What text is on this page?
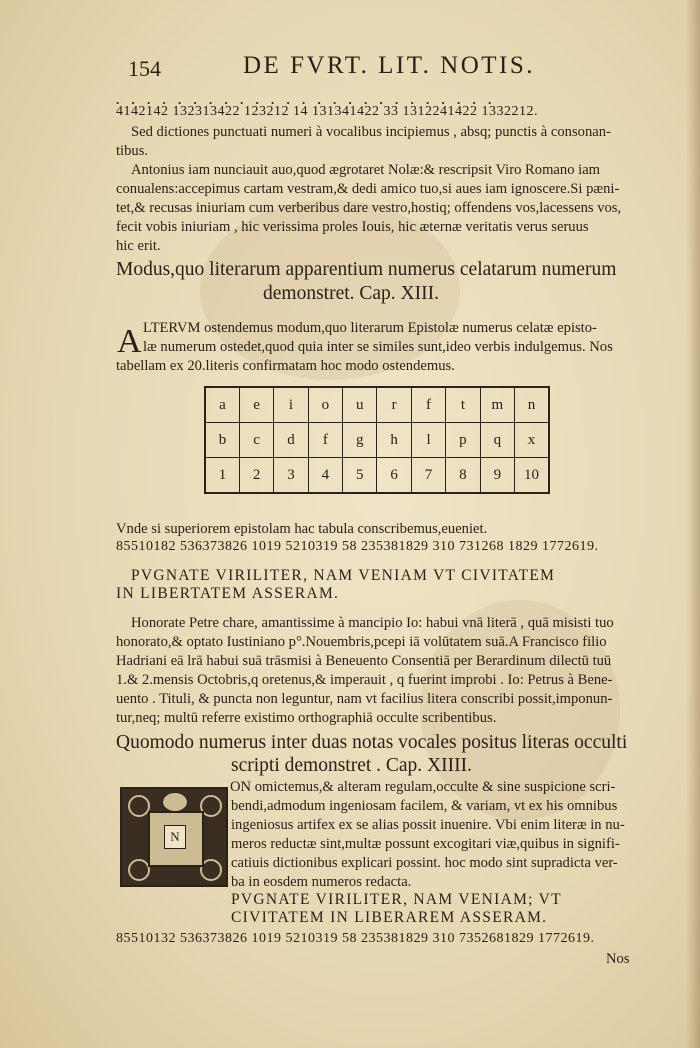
154	DE FVRT. LIT. NOTIS.
. . . . . . . . . . . . . . . . . . . . . . . . .
4142142 132313422 123212 14 131341422 33 1312241422 1332212.
Sed dictiones punctuati numeri à vocalibus incipiemus , absq; punctis à consonan-
tibus.
Antonius iam nunciauit auo,quod ægrotaret Nolæ:& rescripsit Viro Romano iam
conualens:accepimus cartam vestram,& dedi amico tuo,si aues iam ignoscere.Si pæni-
tet,& recusas iniuriam cum verberibus dare vestro,hostiq; offendens vos,lacessens vos,
fecit vobis iniuriam , hic verissima proles Iouis, hic æternæ veritatis verus seruus
hic erit.
Modus,quo literarum apparentium numerus celatarum numerum
demonstret. Cap. XIII.
A LTERVM ostendemus modum,quo literarum Epistolæ numerus celatæ episto-
læ numerum ostedet,quod quia inter se similes sunt,ideo verbis indulgemus. Nos
tabellam ex 20.literis confirmatam hoc modo ostendemus.
a	e	i	o	u	r	f	t	m	n
b	c	d	f	g	h	l	p	q	x
1	2	3	4	5	6	7	8	9	10
Vnde si superiorem epistolam hac tabula conscribemus,eueniet.
85510182 536373826 1019 5210319 58 235381829 310 731268 1829 1772619.
PVGNATE VIRILITER, NAM VENIAM VT CIVITATEM
IN LIBERTATEM ASSERAM.
Honorate Petre chare, amantissime à mancipio Io: habui vnā literā , quā misisti tuo
honorato,& optato Iustiniano p°.Nouembris,pcepi iā volūtatem suā.A Francisco filio
Hadriani eā lrā habui suā trāsmisi à Beneuento Consentiā per Berardinum dilectū tuū
1.& 2.mensis Octobris,q oretenus,& imperauit , q fuerint improbi . Io: Petrus à Bene-
uento . Tituli, & puncta non leguntur, nam vt facilius litera conscribi possit,imponun-
tur,neq; multū referre existimo orthographiā occulte scribentibus.
Quomodo numerus inter duas notas vocales positus literas occulti
scripti demonstret . Cap. XIIII.
N
ON omictemus,& alteram regulam,occulte & sine suspicione scri-
bendi,admodum ingeniosam facilem, & variam, vt ex his omnibus
ingeniosus artifex ex se alias possit inuenire. Vbi enim literæ in nu-
meros reductæ sint,multæ possunt excogitari viæ,quibus in signifi-
catiuis dictionibus explicari possint. hoc modo sint supradicta ver-
ba in eosdem numeros redacta.
PVGNATE VIRILITER, NAM VENIAM; VT
CIVITATEM IN LIBERAREM ASSERAM.
85510132 536373826 1019 5210319 58 235381829 310 7352681829 1772619.
Nos
